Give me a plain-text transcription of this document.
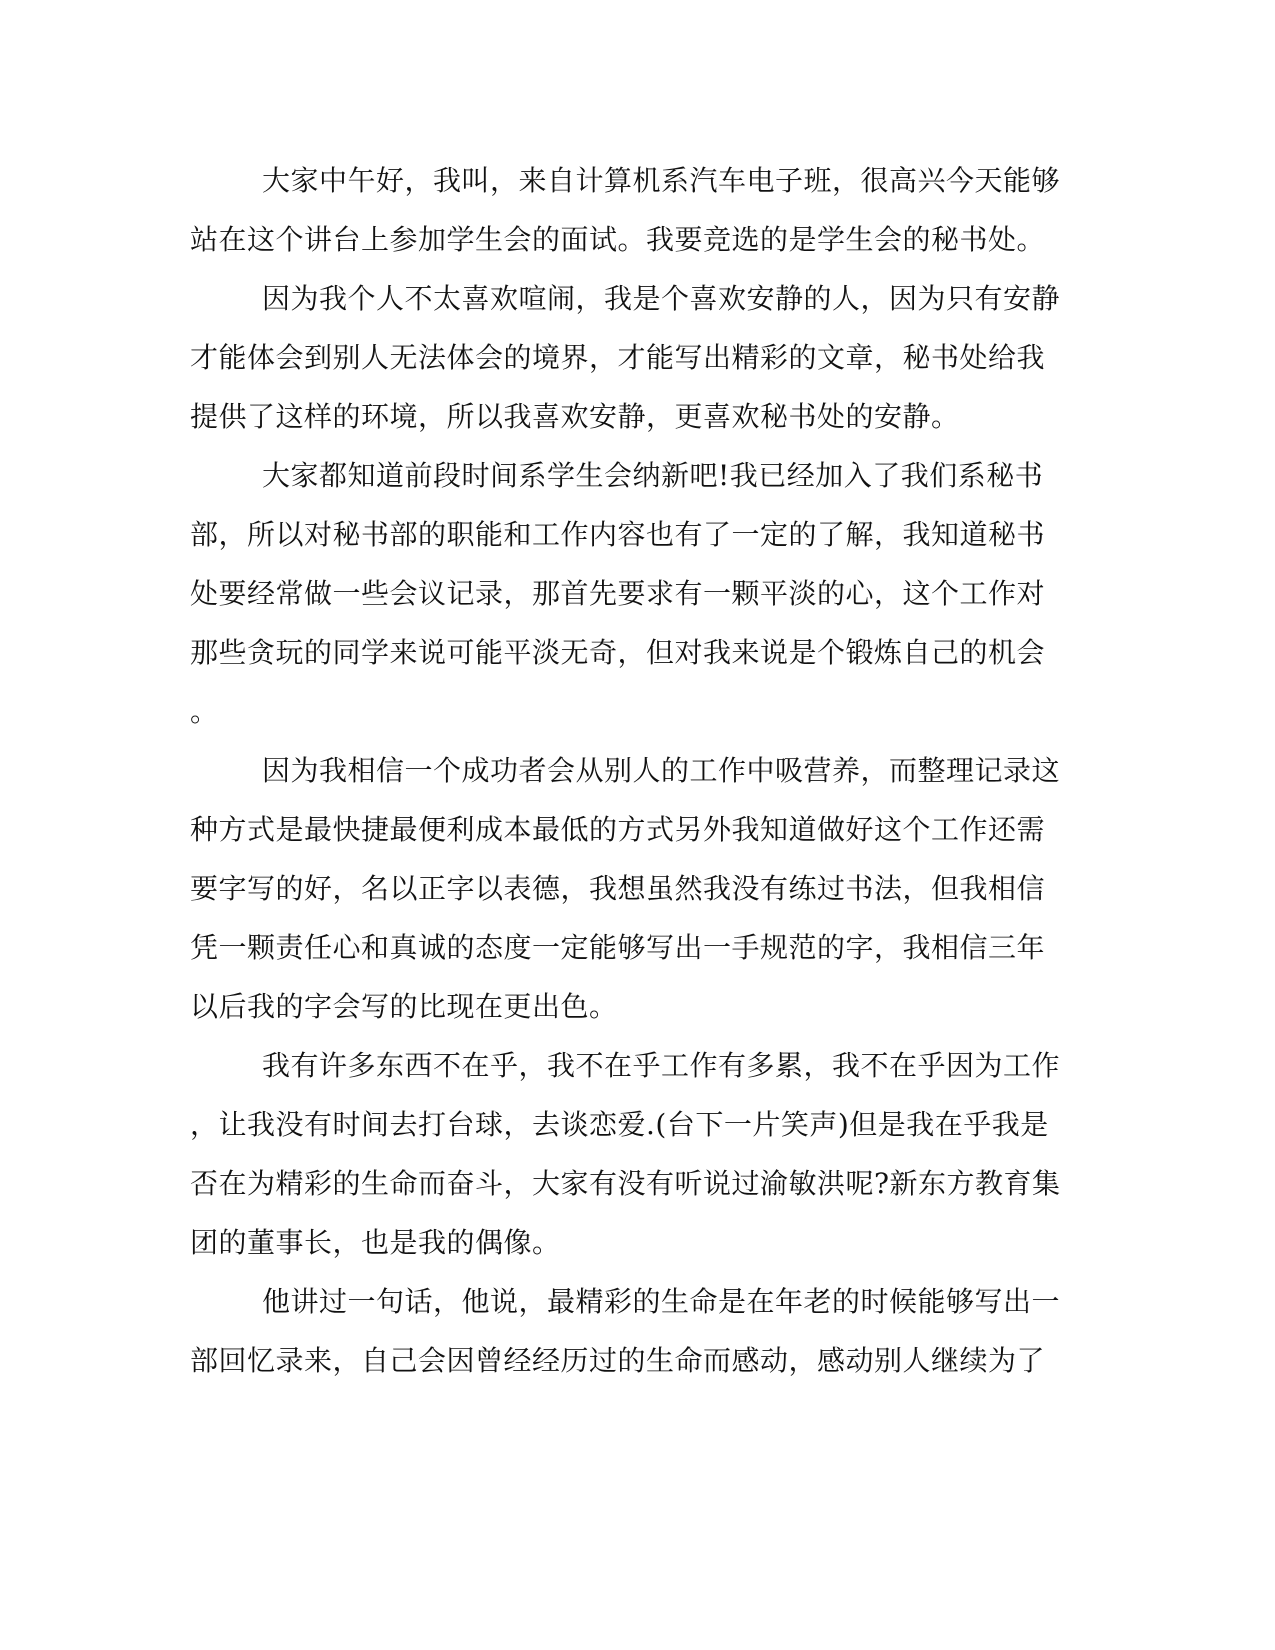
大家中午好，我叫，来自计算机系汽车电子班，很高兴今天能够
站在这个讲台上参加学生会的面试。我要竞选的是学生会的秘书处。
因为我个人不太喜欢喧闹，我是个喜欢安静的人，因为只有安静
才能体会到别人无法体会的境界，才能写出精彩的文章，秘书处给我
提供了这样的环境，所以我喜欢安静，更喜欢秘书处的安静。
大家都知道前段时间系学生会纳新吧!我已经加入了我们系秘书
部，所以对秘书部的职能和工作内容也有了一定的了解，我知道秘书
处要经常做一些会议记录，那首先要求有一颗平淡的心，这个工作对
那些贪玩的同学来说可能平淡无奇，但对我来说是个锻炼自己的机会
。
因为我相信一个成功者会从别人的工作中吸营养，而整理记录这
种方式是最快捷最便利成本最低的方式另外我知道做好这个工作还需
要字写的好，名以正字以表德，我想虽然我没有练过书法，但我相信
凭一颗责任心和真诚的态度一定能够写出一手规范的字，我相信三年
以后我的字会写的比现在更出色。
我有许多东西不在乎，我不在乎工作有多累，我不在乎因为工作
，让我没有时间去打台球，去谈恋爱.(台下一片笑声)但是我在乎我是
否在为精彩的生命而奋斗，大家有没有听说过渝敏洪呢?新东方教育集
团的董事长，也是我的偶像。
他讲过一句话，他说，最精彩的生命是在年老的时候能够写出一
部回忆录来，自己会因曾经经历过的生命而感动，感动别人继续为了
